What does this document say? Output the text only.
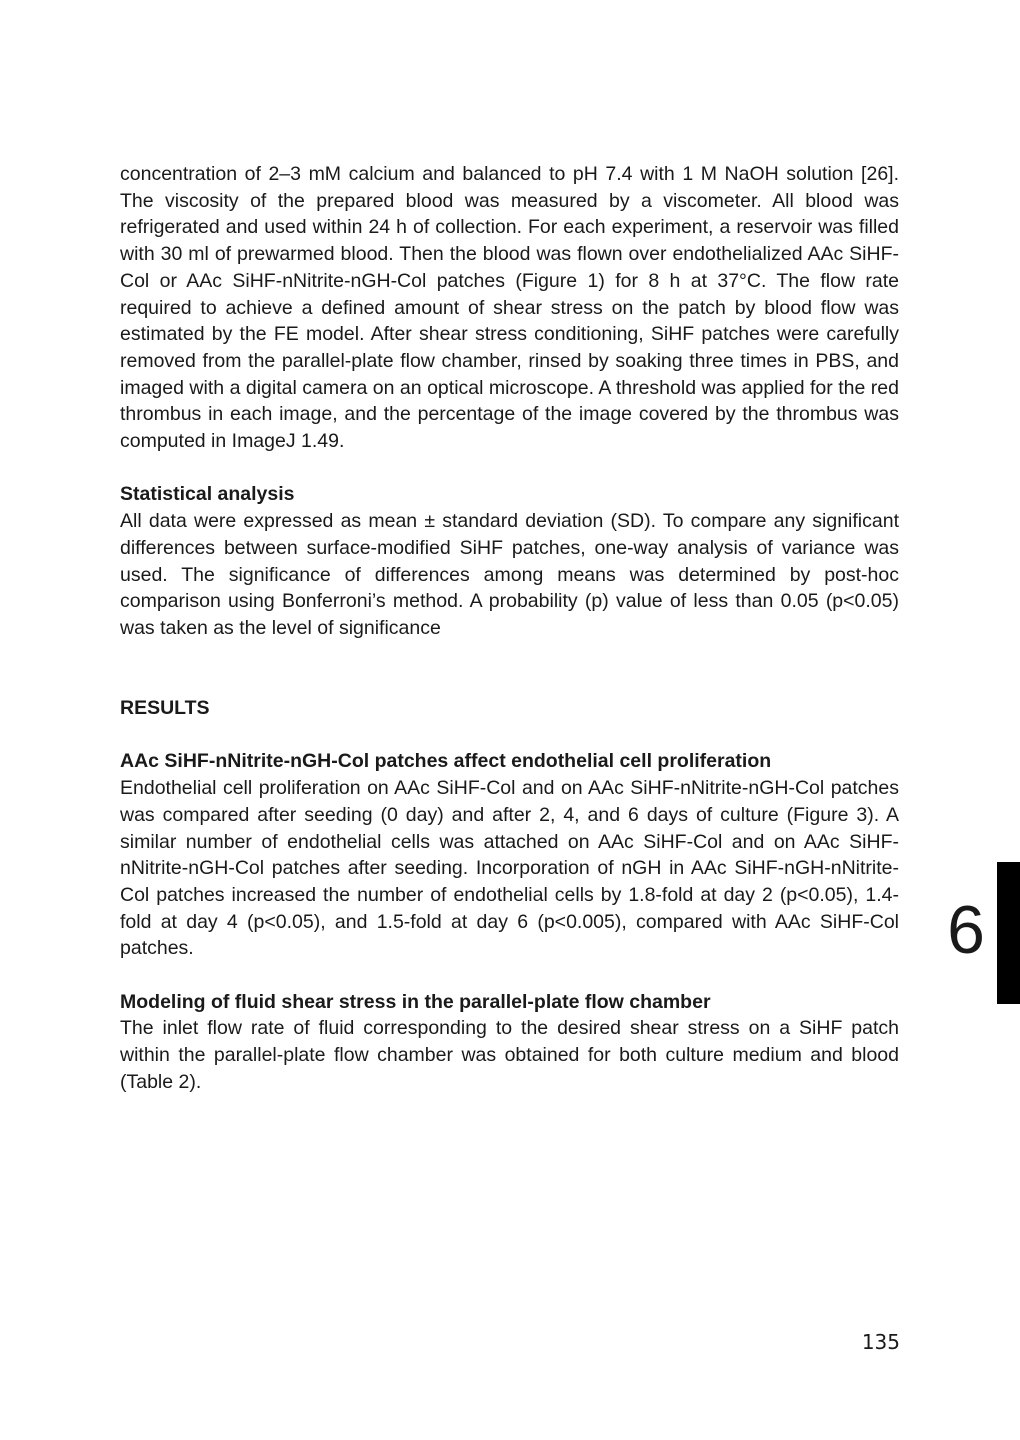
concentration of 2–3 mM calcium and balanced to pH 7.4 with 1 M NaOH solution [26]. The viscosity of the prepared blood was measured by a viscometer. All blood was refrigerated and used within 24 h of collection. For each experiment, a reservoir was filled with 30 ml of prewarmed blood. Then the blood was flown over endothelialized AAc SiHF-Col or AAc SiHF-nNitrite-nGH-Col patches (Figure 1) for 8 h at 37°C. The flow rate required to achieve a defined amount of shear stress on the patch by blood flow was estimated by the FE model. After shear stress conditioning, SiHF patches were carefully removed from the parallel-plate flow chamber, rinsed by soaking three times in PBS, and imaged with a digital camera on an optical microscope. A threshold was applied for the red thrombus in each image, and the percentage of the image covered by the thrombus was computed in ImageJ 1.49.

Statistical analysis

All data were expressed as mean ± standard deviation (SD). To compare any significant differences between surface-modified SiHF patches, one-way analysis of variance was used. The significance of differences among means was determined by post-hoc comparison using Bonferroni’s method. A probability (p) value of less than 0.05 (p<0.05) was taken as the level of significance

RESULTS
AAc SiHF-nNitrite-nGH-Col patches affect endothelial cell proliferation

Endothelial cell proliferation on AAc SiHF-Col and on AAc SiHF-nNitrite-nGH-Col patches was compared after seeding (0 day) and after 2, 4, and 6 days of culture (Figure 3). A similar number of endothelial cells was attached on AAc SiHF-Col and on AAc SiHF-nNitrite-nGH-Col patches after seeding. Incorporation of nGH in AAc SiHF-nGH-nNitrite-Col patches increased the number of endothelial cells by 1.8-fold at day 2 (p<0.05), 1.4-fold at day 4 (p<0.05), and 1.5-fold at day 6 (p<0.005), compared with AAc SiHF-Col patches.

Modeling of fluid shear stress in the parallel-plate flow chamber

The inlet flow rate of fluid corresponding to the desired shear stress on a SiHF patch within the parallel-plate flow chamber was obtained for both culture medium and blood (Table 2).

6
135
